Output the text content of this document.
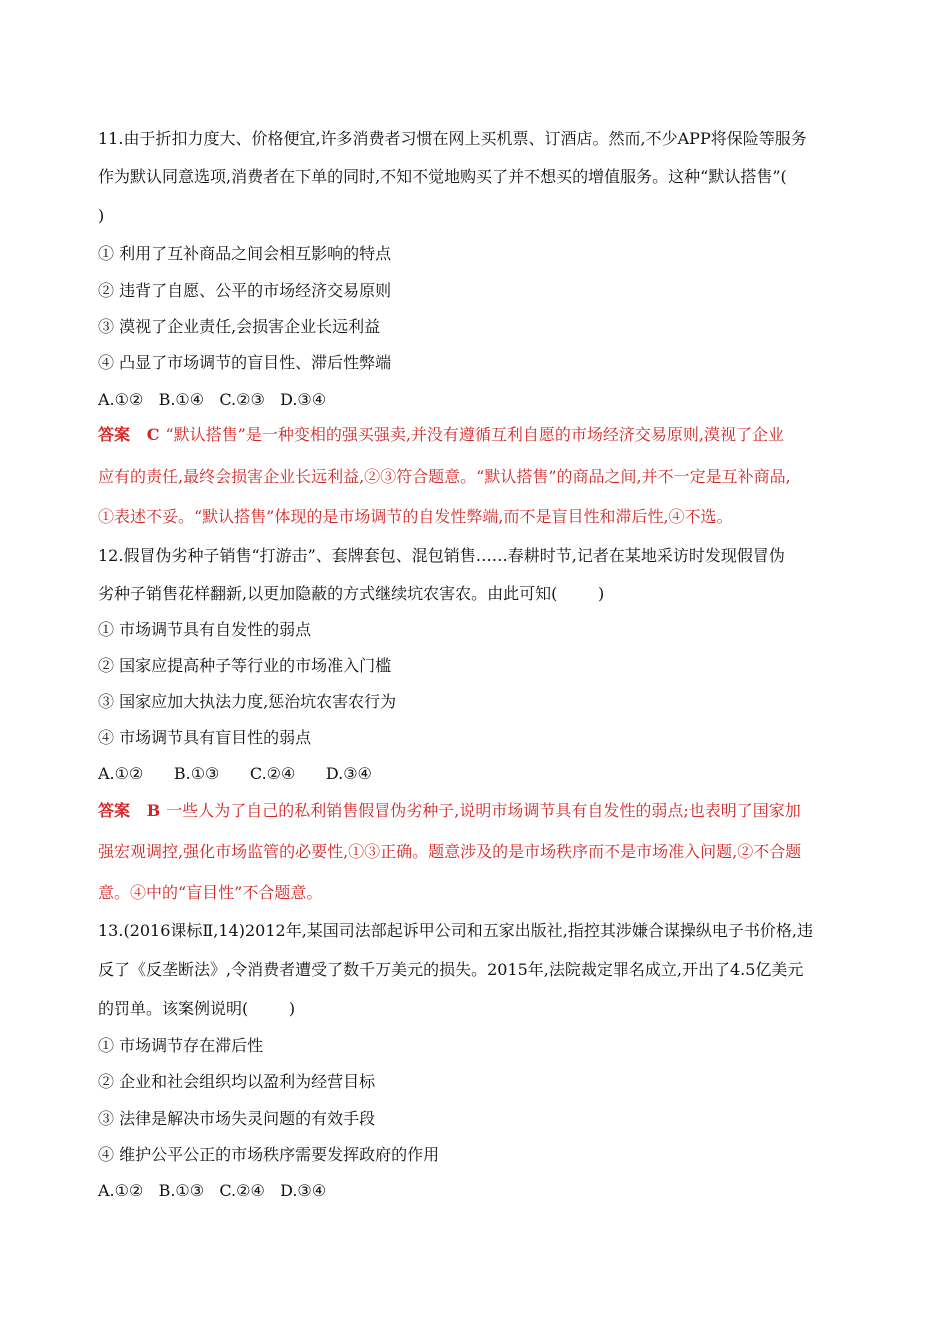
11.由于折扣力度大、价格便宜,许多消费者习惯在网上买机票、订酒店。然而,不少APP将保险等服务
作为默认同意选项,消费者在下单的同时,不知不觉地购买了并不想买的增值服务。这种“默认搭售”(
)
① 利用了互补商品之间会相互影响的特点
② 违背了自愿、公平的市场经济交易原则
③ 漠视了企业责任,会损害企业长远利益
④ 凸显了市场调节的盲目性、滞后性弊端
A.①②   B.①④   C.②③   D.③④
答案   C “默认搭售”是一种变相的强买强卖,并没有遵循互利自愿的市场经济交易原则,漠视了企业
应有的责任,最终会损害企业长远利益,②③符合题意。“默认搭售”的商品之间,并不一定是互补商品,
①表述不妥。“默认搭售”体现的是市场调节的自发性弊端,而不是盲目性和滞后性,④不选。
12.假冒伪劣种子销售“打游击”、套牌套包、混包销售……春耕时节,记者在某地采访时发现假冒伪
劣种子销售花样翻新,以更加隐蔽的方式继续坑农害农。由此可知(        )
① 市场调节具有自发性的弱点
② 国家应提高种子等行业的市场准入门槛
③ 国家应加大执法力度,惩治坑农害农行为
④ 市场调节具有盲目性的弱点
A.①②      B.①③      C.②④      D.③④
答案   B 一些人为了自己的私利销售假冒伪劣种子,说明市场调节具有自发性的弱点;也表明了国家加
强宏观调控,强化市场监管的必要性,①③正确。题意涉及的是市场秩序而不是市场准入问题,②不合题
意。④中的“盲目性”不合题意。
13.(2016课标Ⅱ,14)2012年,某国司法部起诉甲公司和五家出版社,指控其涉嫌合谋操纵电子书价格,违
反了《反垄断法》,令消费者遭受了数千万美元的损失。2015年,法院裁定罪名成立,开出了4.5亿美元
的罚单。该案例说明(        )
① 市场调节存在滞后性
② 企业和社会组织均以盈利为经营目标
③ 法律是解决市场失灵问题的有效手段
④ 维护公平公正的市场秩序需要发挥政府的作用
A.①②   B.①③   C.②④   D.③④
